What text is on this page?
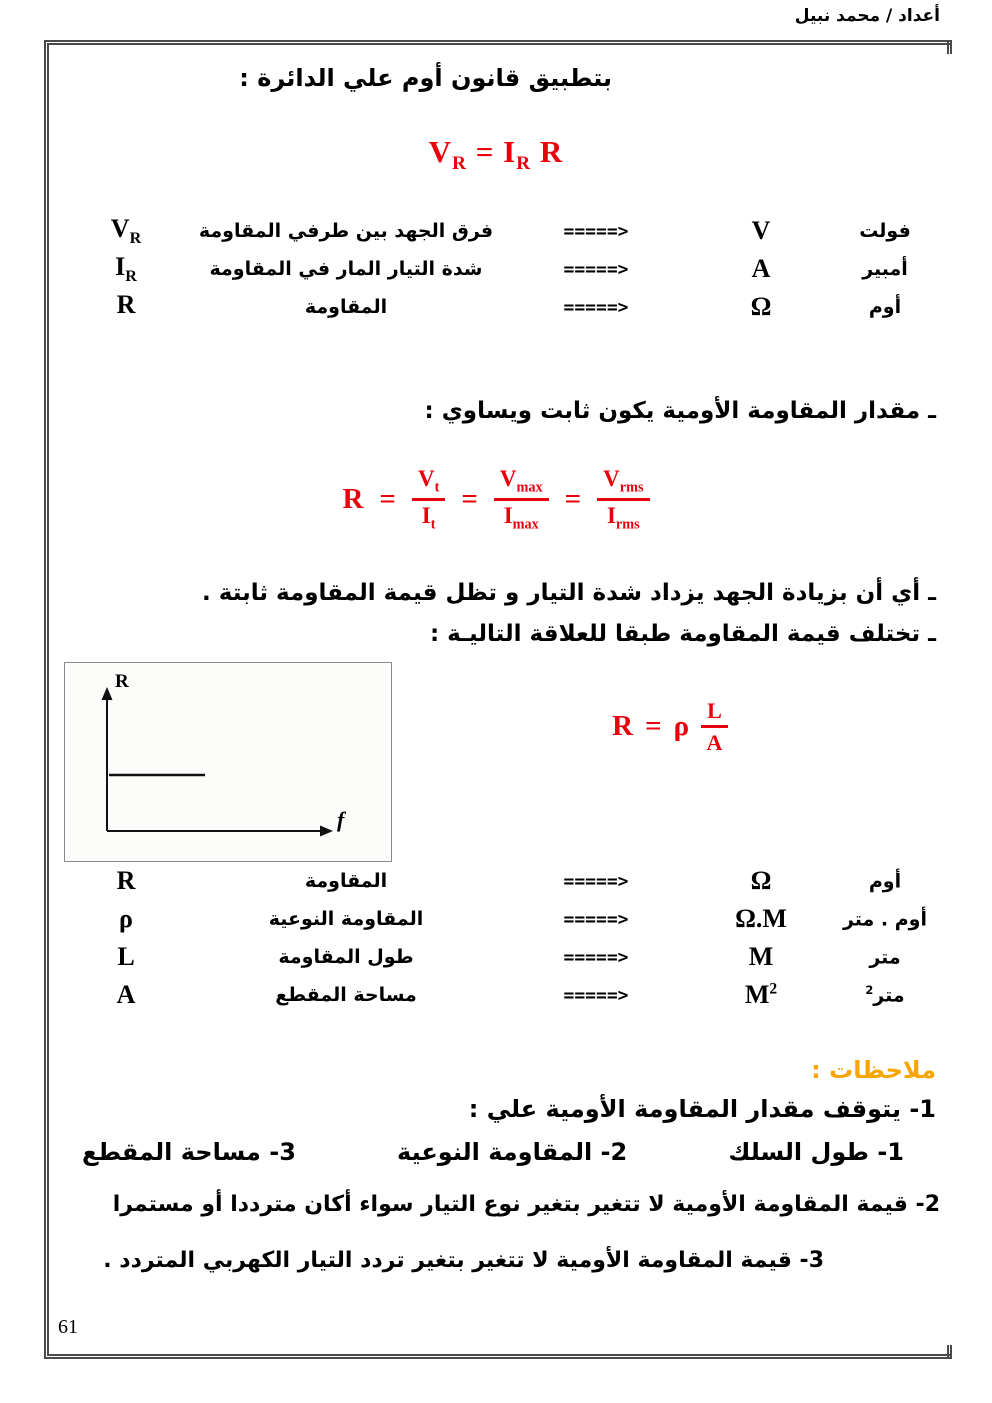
أعداد / محمد نبيل
بتطبيق قانون أوم علي الدائرة :
$V_R = I_R$ R
$V_R$	فرق الجهد بين طرفي المقاومة	=====>	V	فولت
$I_R$	شدة التيار المار في المقاومة	=====>	A	أمبير
R	المقاومة	=====>	Ω	أوم
ـ مقدار المقاومة الأومية يكون ثابت ويساوي :
$R = \frac{V_t}{I_t} = \frac{V_{max}}{I_{max}} = \frac{V_{rms}}{I_{rms}}$
ـ أي أن بزيادة الجهد يزداد شدة التيار و تظل قيمة المقاومة ثابتة .
ـ تختلف قيمة المقاومة طبقا للعلاقة التاليـة :
R
f
R = ρ $\frac{L}{A}$
R	المقاومة	=====>	Ω	أوم
ρ	المقاومة النوعية	=====>	Ω.M	أوم . متر
L	طول المقاومة	=====>	M	متر
A	مساحة المقطع	=====>	$M^2$	متر$^2$
ملاحظات :
1- يتوقف مقدار المقاومة الأومية علي :
1- طول السلك
2- المقاومة النوعية
3- مساحة المقطع
2- قيمة المقاومة الأومية لا تتغير بتغير نوع التيار سواء أكان مترددا أو مستمرا
3- قيمة المقاومة الأومية لا تتغير بتغير تردد التيار الكهربي المتردد .
61
